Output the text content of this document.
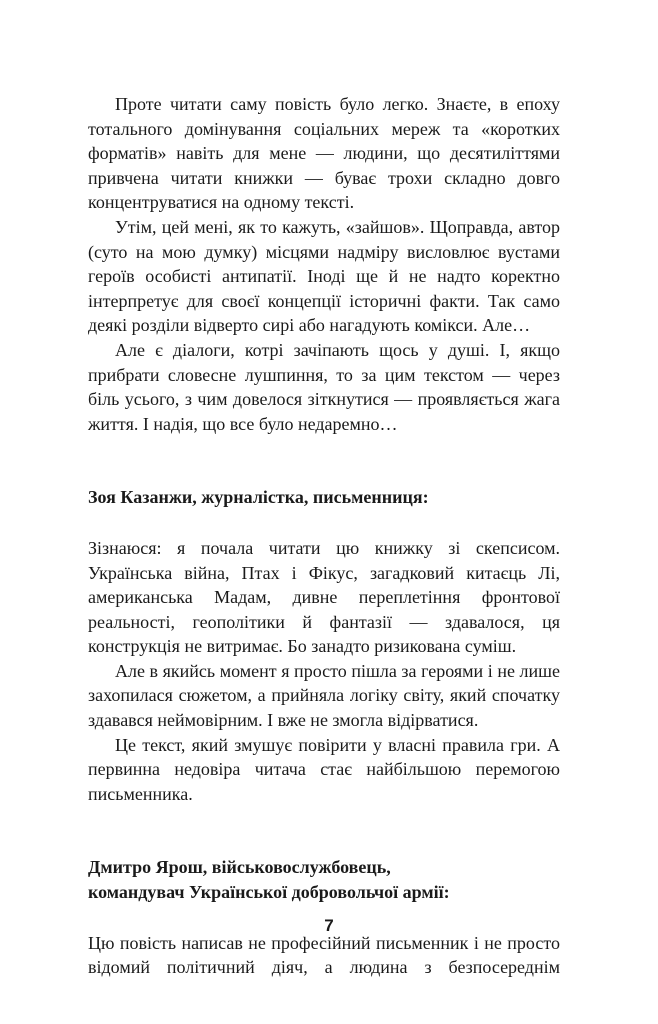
Проте читати саму повість було легко. Знаєте, в епоху тотального домінування соціальних мереж та «коротких форматів» навіть для мене — людини, що десятиліттями привчена читати книжки — буває трохи складно довго концентруватися на одному тексті.

Утім, цей мені, як то кажуть, «зайшов». Щоправда, автор (суто на мою думку) місцями надміру висловлює вустами героїв особисті антипатії. Іноді ще й не надто коректно інтерпретує для своєї концепції історичні факти. Так само деякі розділи відверто сирі або нагадують комікси. Але…

Але є діалоги, котрі зачіпають щось у душі. І, якщо прибрати словесне лушпиння, то за цим текстом — через біль усього, з чим довелося зіткнутися — проявляється жага життя. І надія, що все було недаремно…

Зоя Казанжи, журналістка, письменниця:

Зізнаюся: я почала читати цю книжку зі скепсисом. Українська війна, Птах і Фікус, загадковий китаєць Лі, американська Мадам, дивне переплетіння фронтової реальності, геополітики й фантазії — здавалося, ця конструкція не витримає. Бо занадто ризикована суміш.

Але в якийсь момент я просто пішла за героями і не лише захопилася сюжетом, а прийняла логіку світу, який спочатку здавався неймовірним. І вже не змогла відірватися.

Це текст, який змушує повірити у власні правила гри. А первинна недовіра читача стає найбільшою перемогою письменника.

Дмитро Ярош, військовослужбовець,
командувач Української добровольчої армії:

Цю повість написав не професійний письменник і не просто відомий політичний діяч, а людина з безпосереднім

7
